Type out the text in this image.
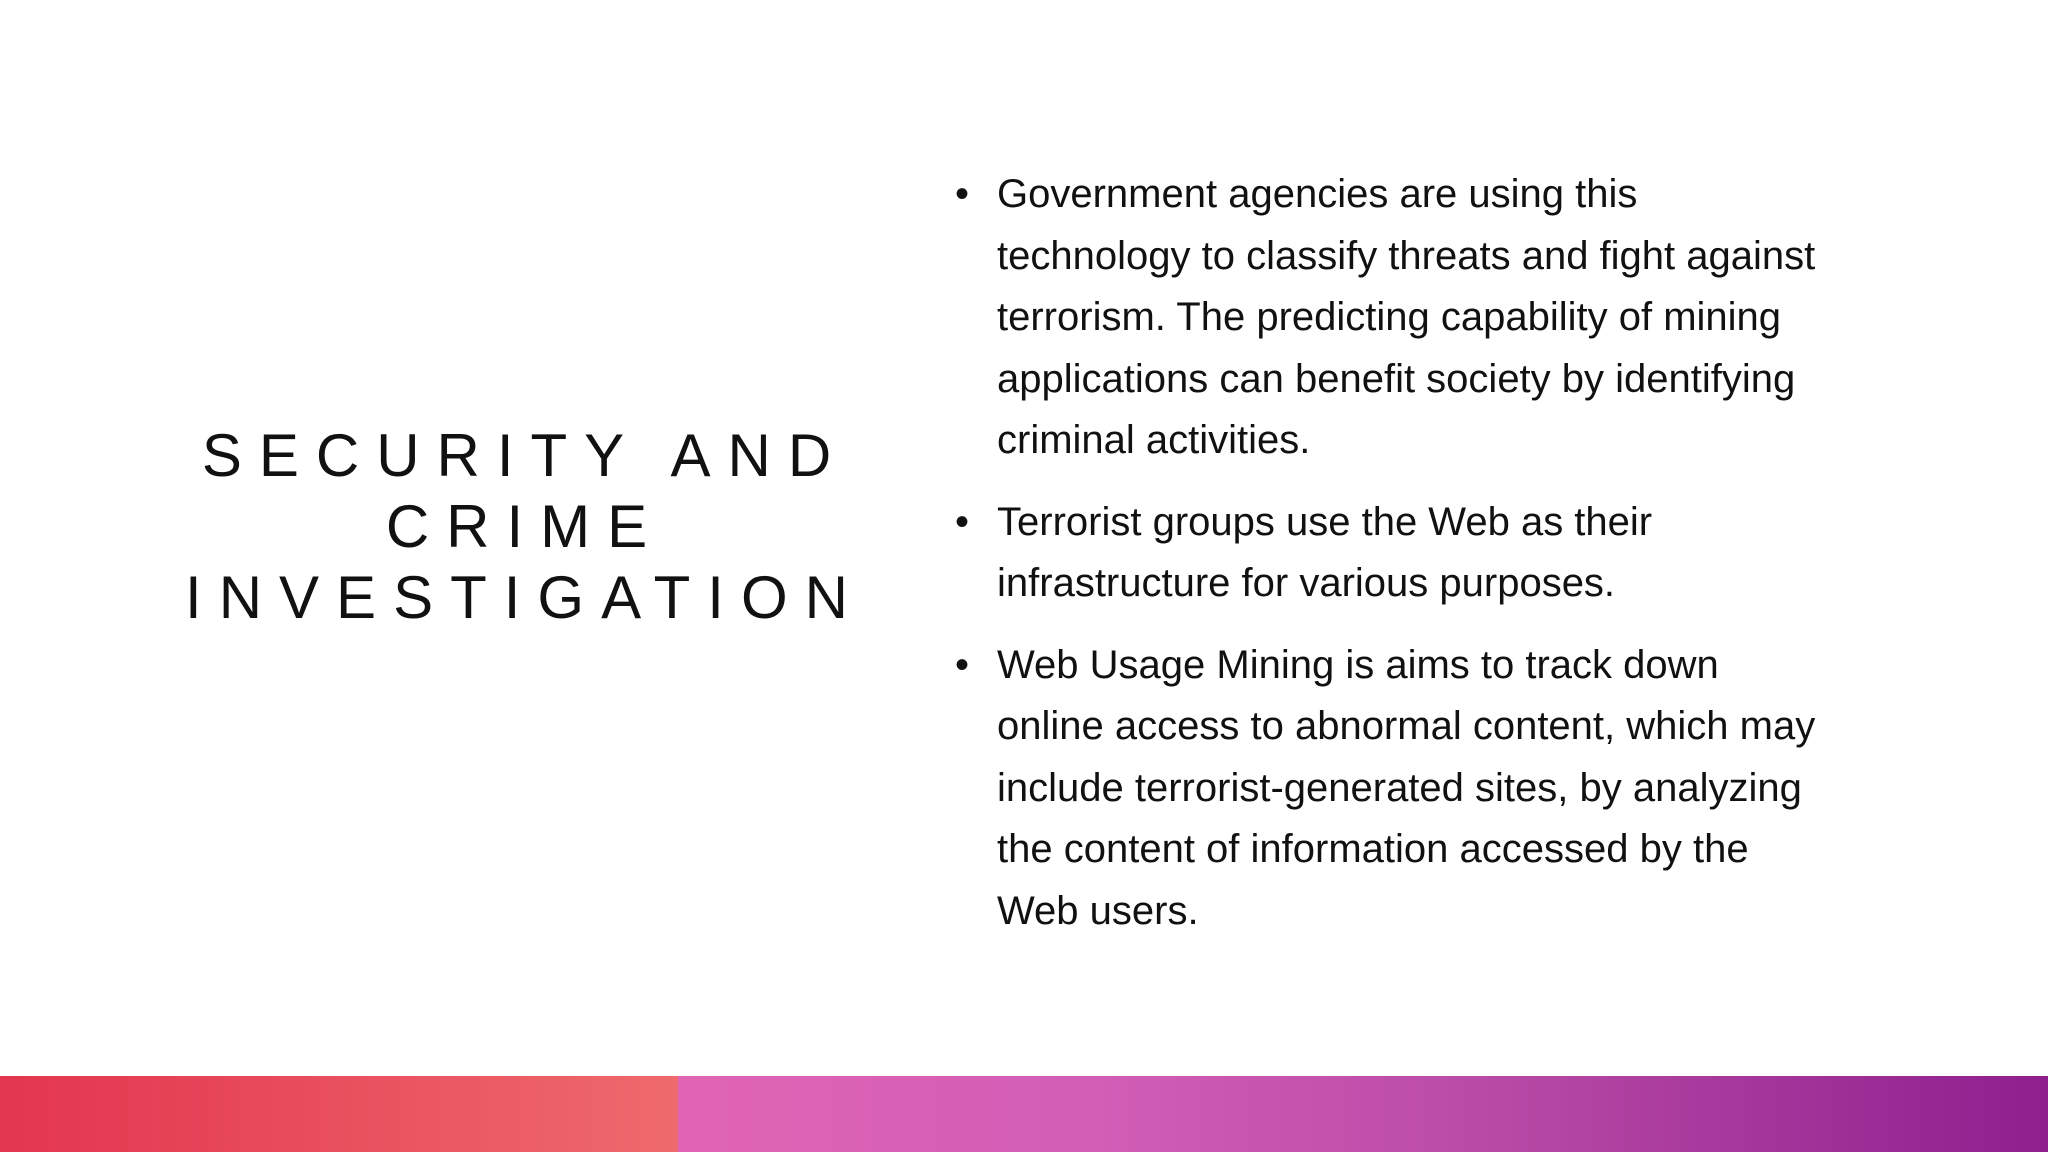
SECURITY AND
CRIME
INVESTIGATION
• Government agencies are using this technology to classify threats and fight against terrorism. The predicting capability of mining applications can benefit society by identifying criminal activities.
• Terrorist groups use the Web as their infrastructure for various purposes.
• Web Usage Mining is aims to track down online access to abnormal content, which may include terrorist-generated sites, by analyzing the content of information accessed by the Web users.
